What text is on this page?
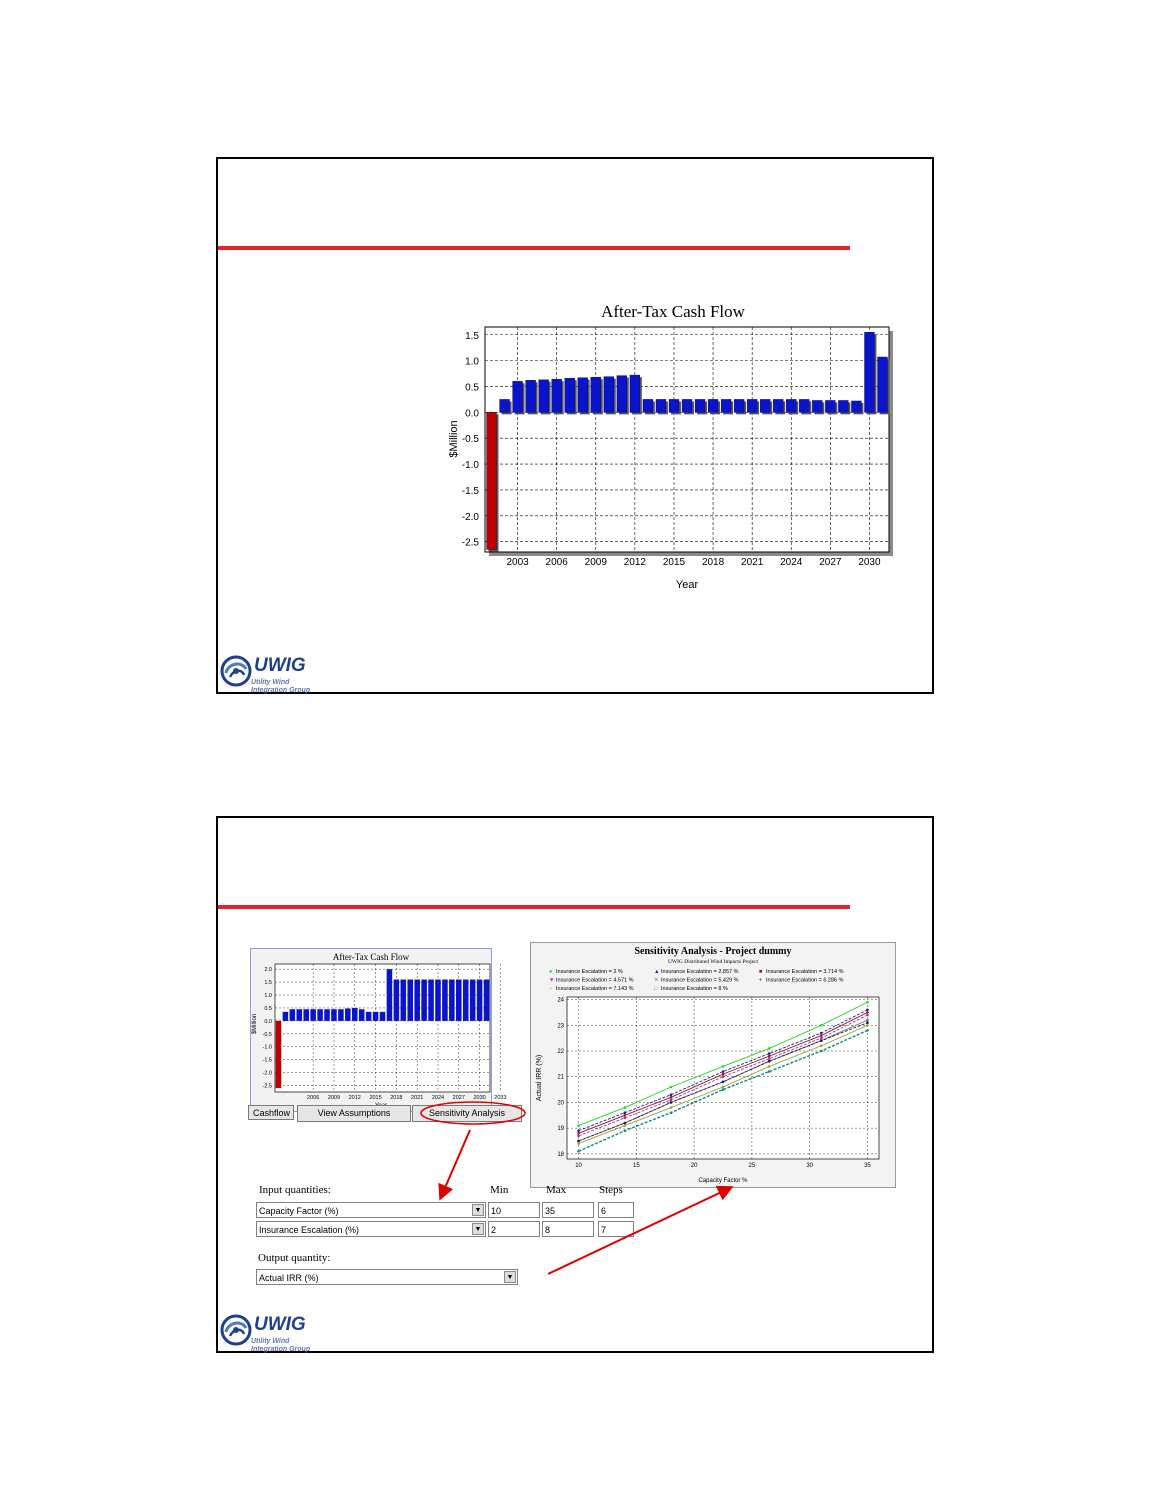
After-Tax Cash Flow
1.5
1.0
0.5
0.0
-0.5
-1.0
-1.5
-2.0
-2.5
2003 2006 2009 2012 2015 2018 2021 2024 2027 2030
$Million
Year
UWIG
Utility Wind
Integration Group
After-Tax Cash Flow
2.0
1.5
1.0
0.5
0.0
-0.5
-1.0
-1.5
-2.0
-2.5
2006 2009 2012 2015 2018 2021 2024 2027 2030 2033
$Million
Cashflow	View Assumptions	Sensitivity Analysis
Sensitivity Analysis - Project dummy
UWIG Distributed Wind Impacts Project
● Insurance Escalation = 2 %	▲ Insurance Escalation = 2.857 %	■ Insurance Escalation = 3.714 %
▼ Insurance Escalation = 4.571 %	✕ Insurance Escalation = 5.429 %	+ Insurance Escalation = 6.286 %
○ Insurance Escalation = 7.143 %	□ Insurance Escalation = 8 %
18
19
20
21
22
23
24
10	15	20	25	30	35
Actual IRR (%)
Capacity Factor %
Input quantities:	Min	Max	Steps
Capacity Factor (%)	▼	10	35	6
Insurance Escalation (%)	▼	2	8	7
Output quantity:
Actual IRR (%)	▼
UWIG
Utility Wind
Integration Group
